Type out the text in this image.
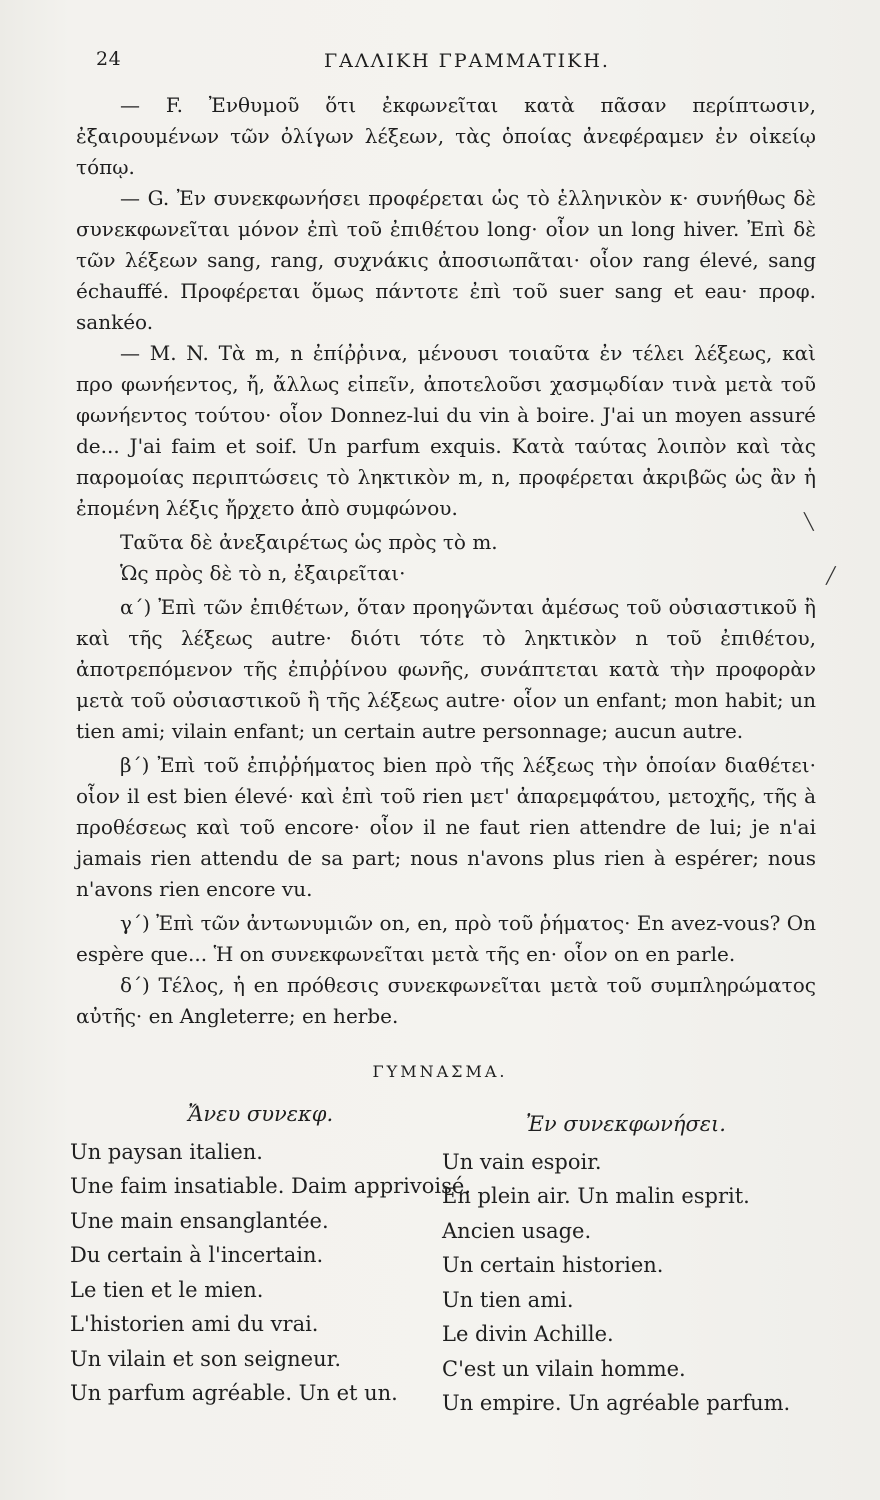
24	ΓΑΛΛΙΚΗ ΓΡΑΜΜΑΤΙΚΗ.

— F. Ἐνθυμοῦ ὅτι ἐκφωνεῖται κατὰ πᾶσαν περίπτωσιν, ἐξαιρουμένων τῶν ὀλίγων λέξεων, τὰς ὁποίας ἀνεφέραμεν ἐν οἰκείῳ τόπῳ.

— G. Ἐν συνεκφωνήσει προφέρεται ὡς τὸ ἑλληνικὸν κ· συνήθως δὲ συνεκφωνεῖται μόνον ἐπὶ τοῦ ἐπιθέτου long· οἷον un long hiver. Ἐπὶ δὲ τῶν λέξεων sang, rang, συχνάκις ἀποσιωπᾶται· οἷον rang élevé, sang échauffé. Προφέρεται ὅμως πάντοτε ἐπὶ τοῦ suer sang et eau· προφ. sankéo.

— M. N. Τὰ m, n ἐπίῤῥινα, μένουσι τοιαῦτα ἐν τέλει λέξεως, καὶ προ φωνήεντος, ἤ, ἄλλως εἰπεῖν, ἀποτελοῦσι χασμῳδίαν τινὰ μετὰ τοῦ φωνήεντος τούτου· οἷον Donnez-lui du vin à boire. J'ai un moyen assuré de... J'ai faim et soif. Un parfum exquis. Κατὰ ταύτας λοιπὸν καὶ τὰς παρομοίας περιπτώσεις τὸ ληκτικὸν m, n, προφέρεται ἀκριβῶς ὡς ἂν ἡ ἐπομένη λέξις ἤρχετο ἀπὸ συμφώνου.

Ταῦτα δὲ ἀνεξαιρέτως ὡς πρὸς τὸ m.

Ὡς πρὸς δὲ τὸ n, ἐξαιρεῖται·

α΄) Ἐπὶ τῶν ἐπιθέτων, ὅταν προηγῶνται ἀμέσως τοῦ οὐσιαστικοῦ ἢ καὶ τῆς λέξεως autre· διότι τότε τὸ ληκτικὸν n τοῦ ἐπιθέτου, ἀποτρεπόμενον τῆς ἐπιῤῥίνου φωνῆς, συνάπτεται κατὰ τὴν προφορὰν μετὰ τοῦ οὐσιαστικοῦ ἢ τῆς λέξεως autre· οἷον un enfant; mon habit; un tien ami; vilain enfant; un certain autre personnage; aucun autre.

β΄) Ἐπὶ τοῦ ἐπιῤῥήματος bien πρὸ τῆς λέξεως τὴν ὁποίαν διαθέτει· οἷον il est bien élevé· καὶ ἐπὶ τοῦ rien μετ' ἀπαρεμφάτου, μετοχῆς, τῆς à προθέσεως καὶ τοῦ encore· οἷον il ne faut rien attendre de lui; je n'ai jamais rien attendu de sa part; nous n'avons plus rien à espérer; nous n'avons rien encore vu.

γ΄) Ἐπὶ τῶν ἀντωνυμιῶν on, en, πρὸ τοῦ ῥήματος· En avez-vous? On espère que... Ἡ on συνεκφωνεῖται μετὰ τῆς en· οἷον on en parle.

δ΄) Τέλος, ἡ en πρόθεσις συνεκφωνεῖται μετὰ τοῦ συμπληρώματος αὐτῆς· en Angleterre; en herbe.

╲
╱
ΓΥΜΝΑΣΜΑ.
Ἄνευ συνεκφ.
Un paysan italien.
Une faim insatiable. Daim apprivoisé.
Une main ensanglantée.
Du certain à l'incertain.
Le tien et le mien.
L'historien ami du vrai.
Un vilain et son seigneur.
Un parfum agréable. Un et un.
Ἐν συνεκφωνήσει.
Un vain espoir.
En plein air. Un malin esprit.
Ancien usage.
Un certain historien.
Un tien ami.
Le divin Achille.
C'est un vilain homme.
Un empire. Un agréable parfum.
